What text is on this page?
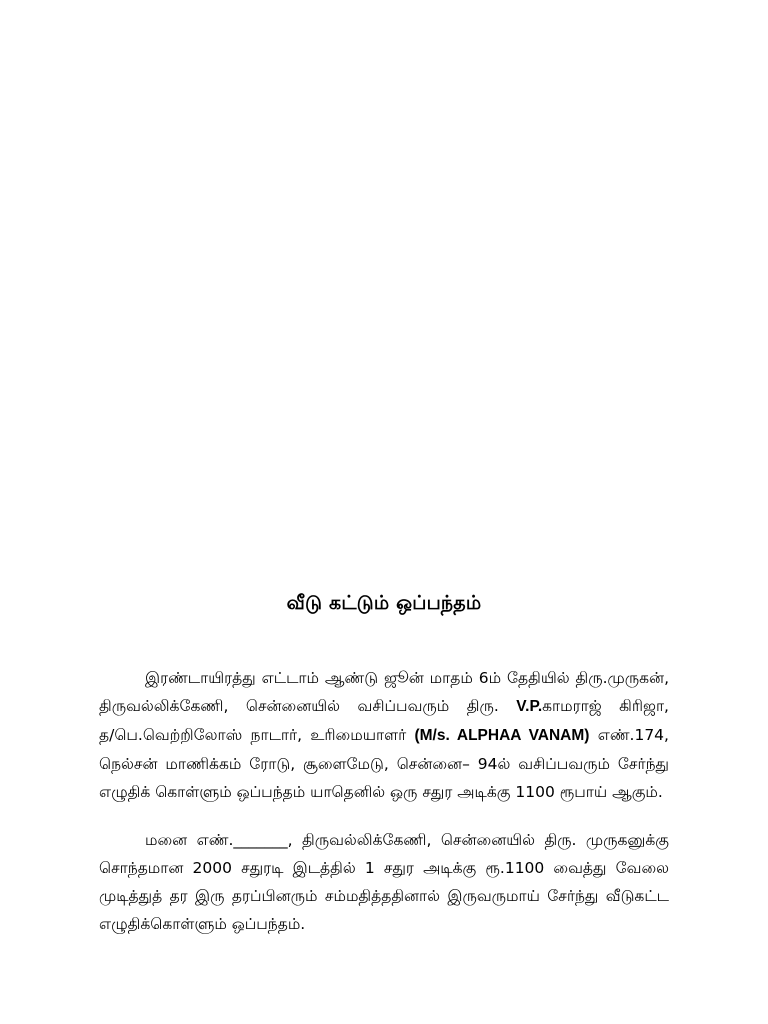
வீடு கட்டும் ஒப்பந்தம்
இரண்டாயிரத்து எட்டாம் ஆண்டு ஜூன் மாதம் 6ம் தேதியில் திரு.முருகன்,
திருவல்லிக்கேணி, சென்னையில் வசிப்பவரும் திரு. V.P.காமராஜ் கிரிஜா,
த/பெ.வெற்றிலோஸ் நாடார், உரிமையாளர் (M/s. ALPHAA VANAM) எண்.174,
நெல்சன் மாணிக்கம் ரோடு, சூளைமேடு, சென்னை– 94ல் வசிப்பவரும் சேர்ந்து
எழுதிக் கொள்ளும் ஒப்பந்தம் யாதெனில் ஒரு சதுர அடிக்கு 1100 ரூபாய் ஆகும்.
மனை எண்._______, திருவல்லிக்கேணி, சென்னையில் திரு. முருகனுக்கு
சொந்தமான 2000 சதுரடி இடத்தில் 1 சதுர அடிக்கு ரூ.1100 வைத்து வேலை
முடித்துத் தர இரு தரப்பினரும் சம்மதித்ததினால் இருவருமாய் சேர்ந்து வீடுகட்ட
எழுதிக்கொள்ளும் ஒப்பந்தம்.
